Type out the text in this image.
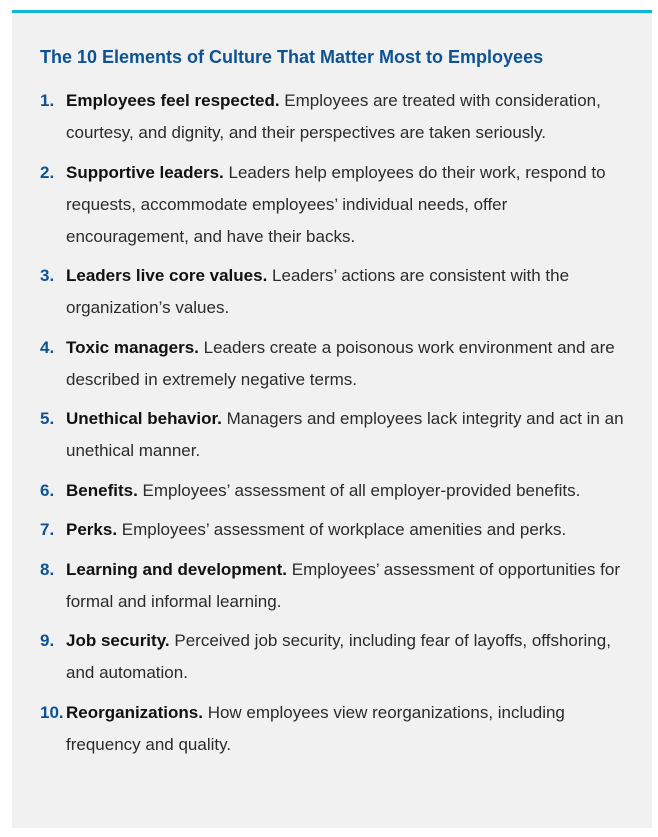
The 10 Elements of Culture That Matter Most to Employees
1. Employees feel respected. Employees are treated with consideration, courtesy, and dignity, and their perspectives are taken seriously.
2. Supportive leaders. Leaders help employees do their work, respond to requests, accommodate employees’ individual needs, offer encouragement, and have their backs.
3. Leaders live core values. Leaders’ actions are consistent with the organization’s values.
4. Toxic managers. Leaders create a poisonous work environment and are described in extremely negative terms.
5. Unethical behavior. Managers and employees lack integrity and act in an unethical manner.
6. Benefits. Employees’ assessment of all employer-provided benefits.
7. Perks. Employees’ assessment of workplace amenities and perks.
8. Learning and development. Employees’ assessment of opportunities for formal and informal learning.
9. Job security. Perceived job security, including fear of layoffs, offshoring, and automation.
10. Reorganizations. How employees view reorganizations, including frequency and quality.
